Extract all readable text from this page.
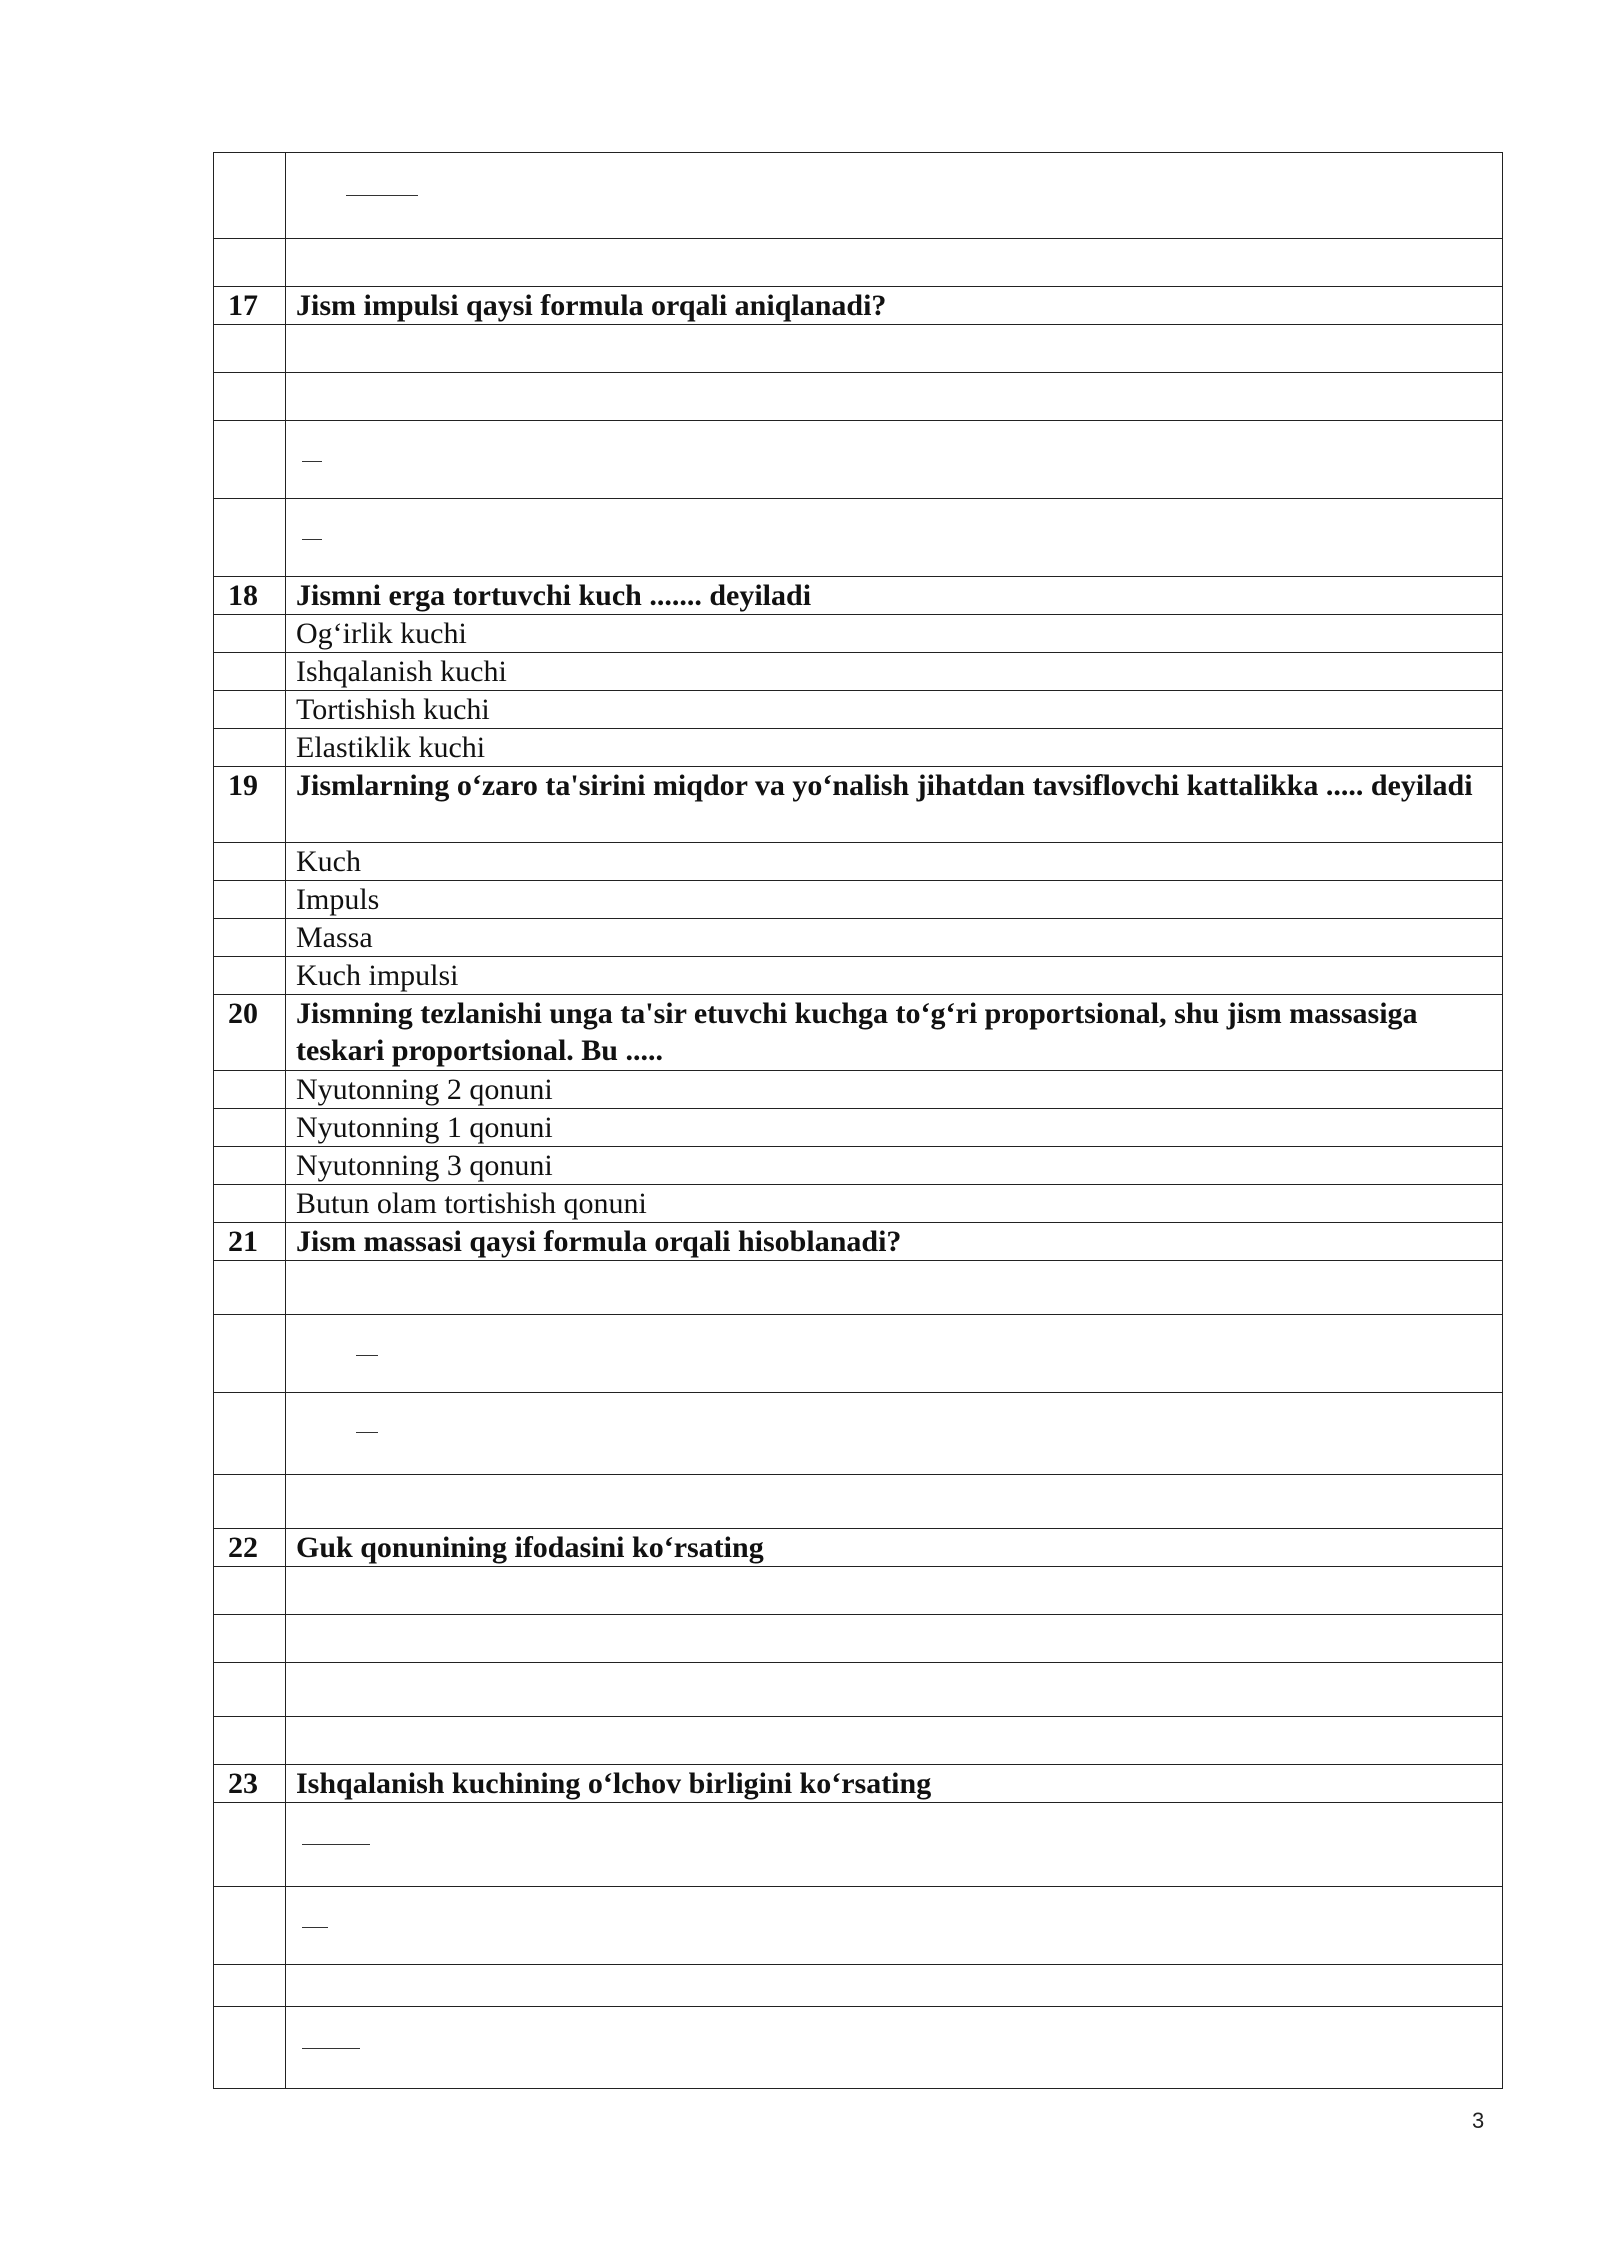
17	Jism impulsi qaysi formula orqali aniqlanadi?

18	Jismni erga tortuvchi kuch ....... deyiladi
	Og‘irlik kuchi
	Ishqalanish kuchi
	Tortishish kuchi
	Elastiklik kuchi
19	Jismlarning o‘zaro ta'sirini miqdor va yo‘nalish jihatdan tavsiflovchi kattalikka ..... deyiladi
	Kuch
	Impuls
	Massa
	Kuch impulsi
20	Jismning tezlanishi unga ta'sir etuvchi kuchga to‘g‘ri proportsional, shu jism massasiga teskari proportsional. Bu .....
	Nyutonning 2 qonuni
	Nyutonning 1 qonuni
	Nyutonning 3 qonuni
	Butun olam tortishish qonuni
21	Jism massasi qaysi formula orqali hisoblanadi?

22	Guk qonunining ifodasini ko‘rsating

23	Ishqalanish kuchining o‘lchov birligini ko‘rsating

3
